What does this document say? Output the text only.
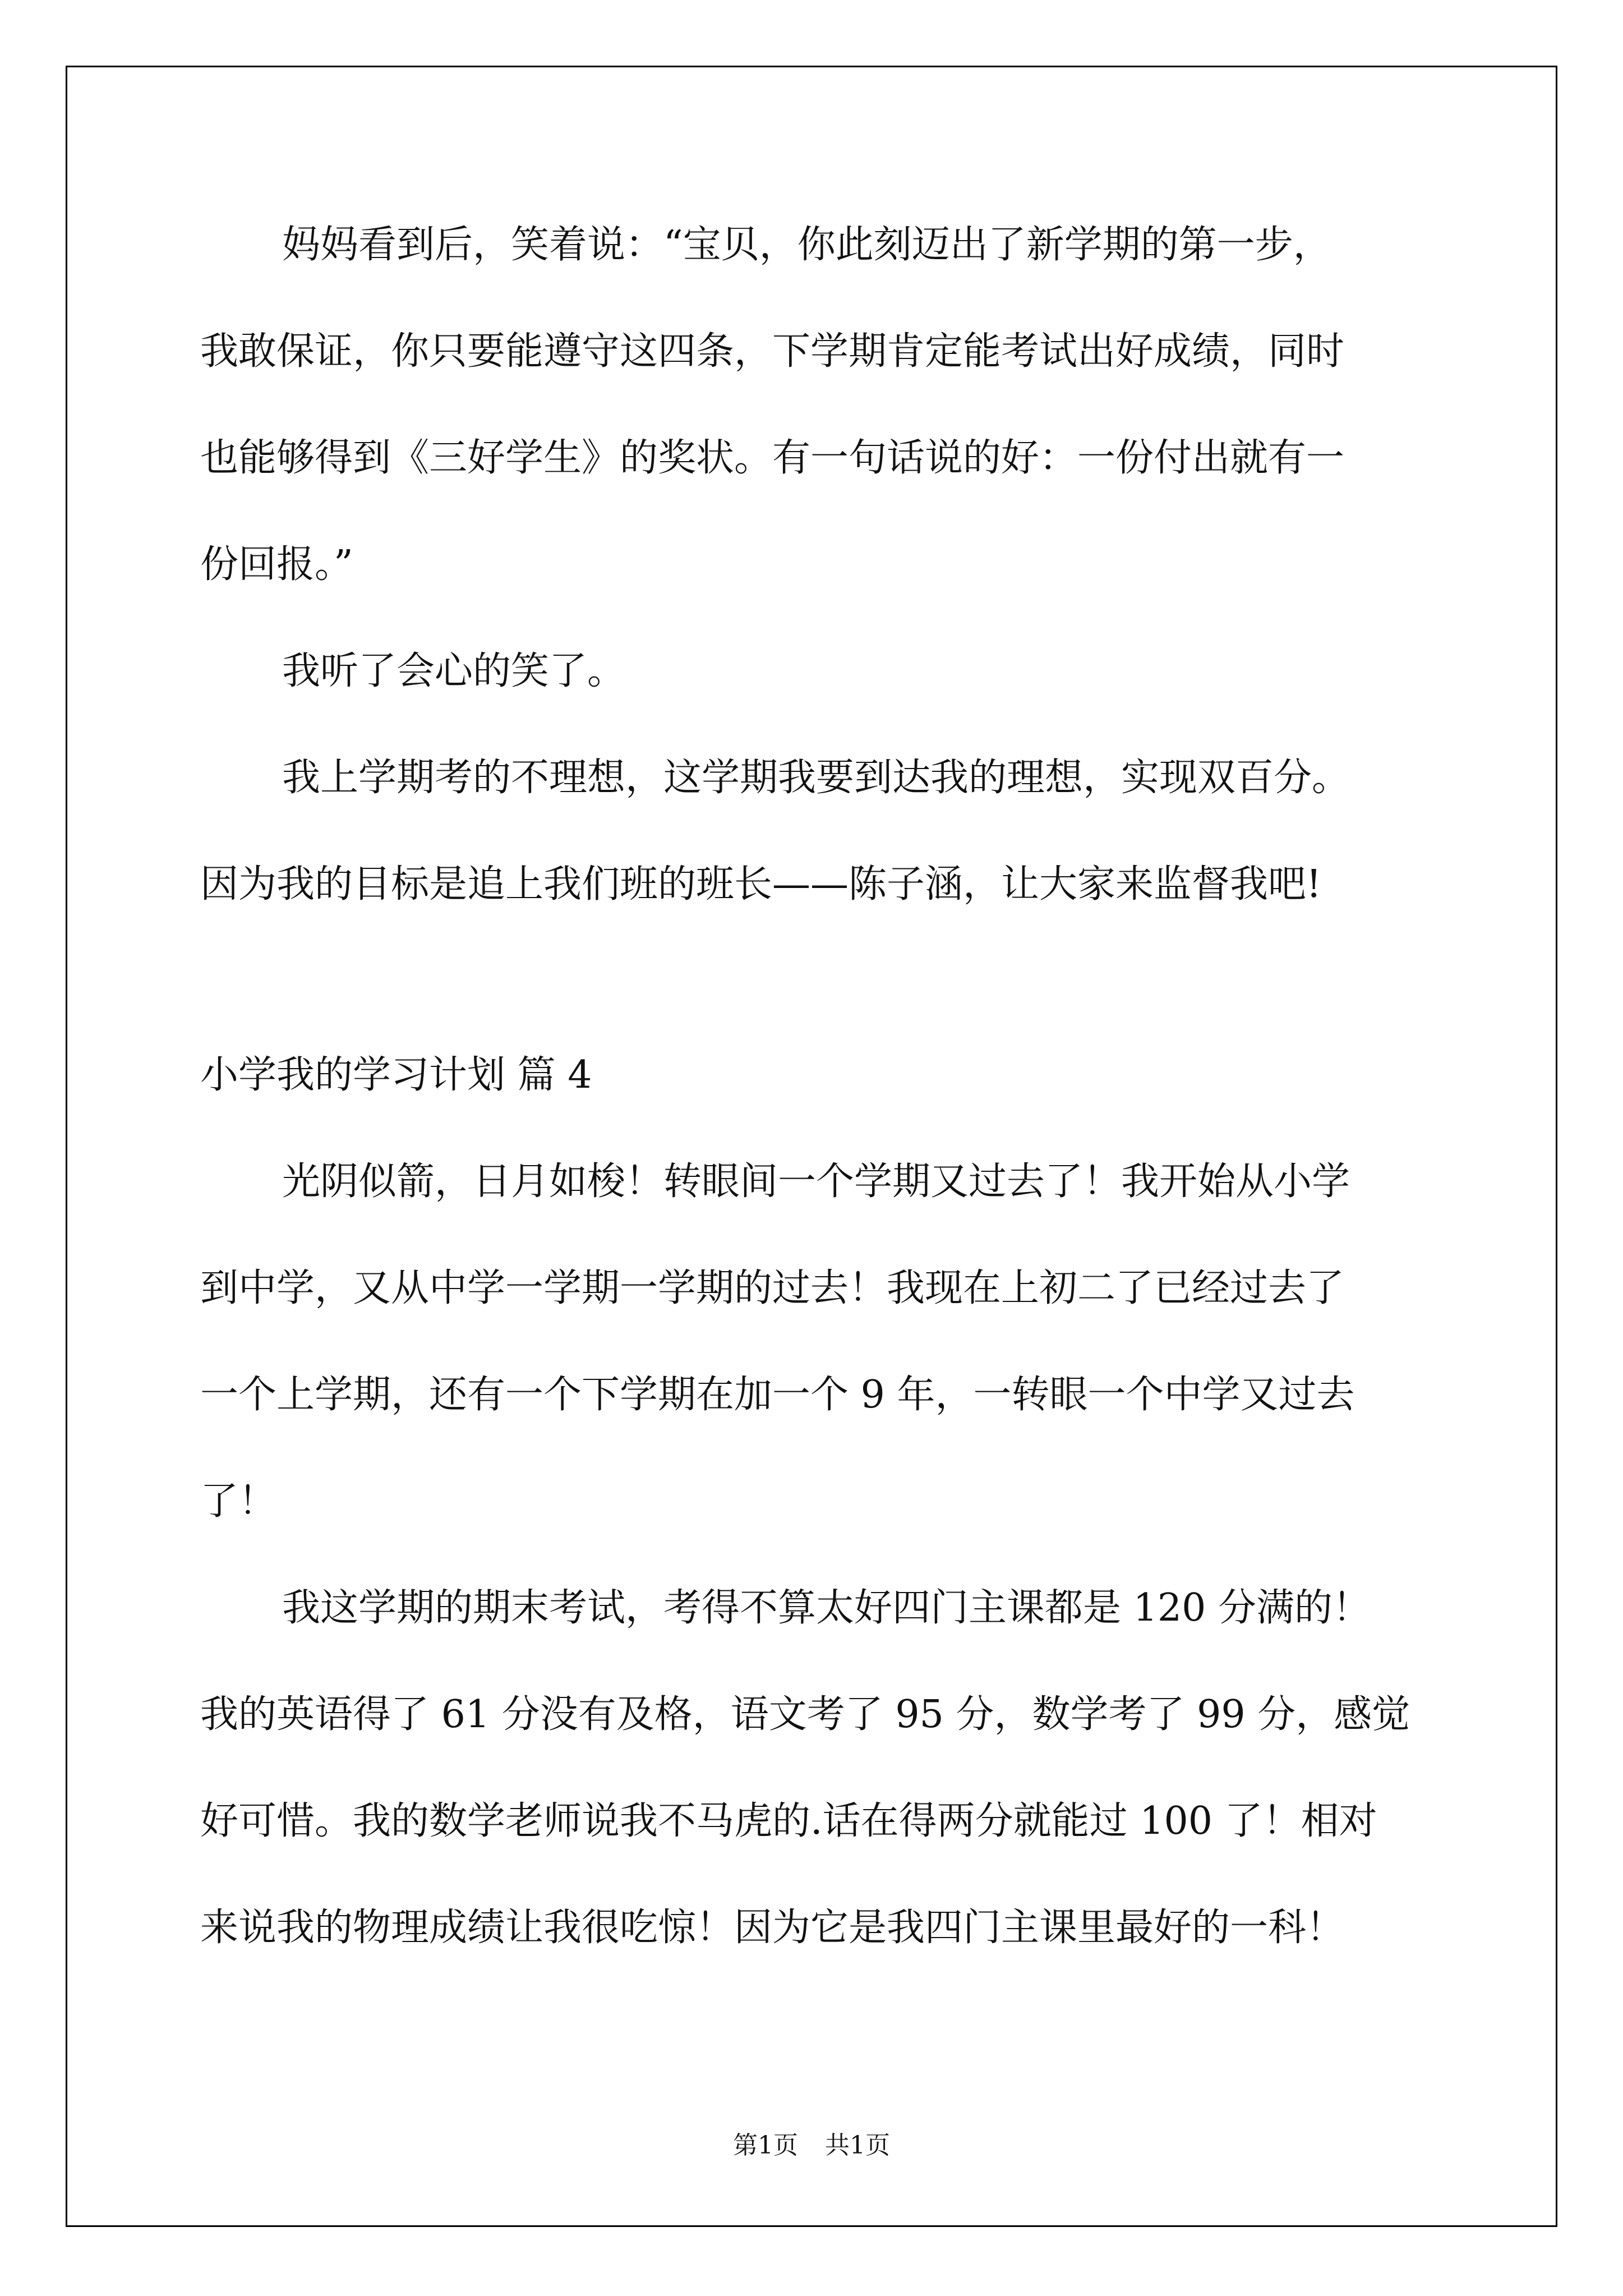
妈妈看到后，笑着说：“宝贝，你此刻迈出了新学期的第一步，
我敢保证，你只要能遵守这四条，下学期肯定能考试出好成绩，同时
也能够得到《三好学生》的奖状。有一句话说的好：一份付出就有一
份回报。”
我听了会心的笑了。
我上学期考的不理想，这学期我要到达我的理想，实现双百分。
因为我的目标是追上我们班的班长——陈子涵，让大家来监督我吧!
小学我的学习计划 篇 4
光阴似箭，日月如梭！转眼间一个学期又过去了！我开始从小学
到中学，又从中学一学期一学期的过去！我现在上初二了已经过去了
一个上学期，还有一个下学期在加一个 9 年，一转眼一个中学又过去
了！
我这学期的期末考试，考得不算太好四门主课都是 120 分满的！
我的英语得了 61 分没有及格，语文考了 95 分，数学考了 99 分，感觉
好可惜。我的数学老师说我不马虎的.话在得两分就能过 100 了！相对
来说我的物理成绩让我很吃惊！因为它是我四门主课里最好的一科！
第1页 共1页
